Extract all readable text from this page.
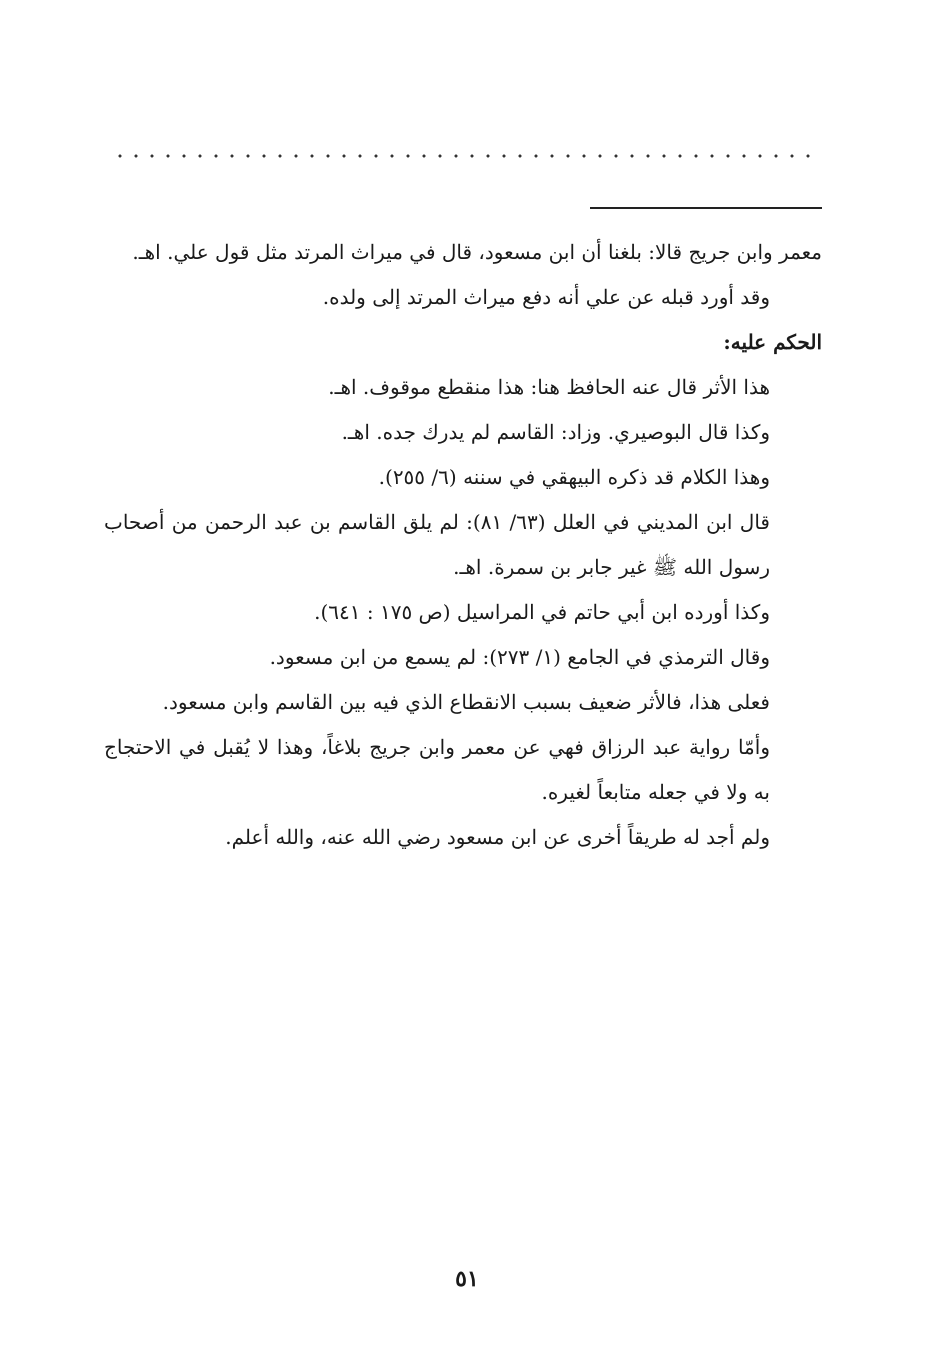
معمر وابن جريج قالا: بلغنا أن ابن مسعود، قال في ميراث المرتد مثل قول علي. اهـ.

وقد أورد قبله عن علي أنه دفع ميراث المرتد إلى ولده.

الحكم عليه:

هذا الأثر قال عنه الحافظ هنا: هذا منقطع موقوف. اهـ.

وكذا قال البوصيري. وزاد: القاسم لم يدرك جده. اهـ.

وهذا الكلام قد ذكره البيهقي في سننه (٦/ ٢٥٥).

قال ابن المديني في العلل (٦٣/ ٨١): لم يلق القاسم بن عبد الرحمن من أصحاب رسول الله ﷺ غير جابر بن سمرة. اهـ.

وكذا أورده ابن أبي حاتم في المراسيل (ص ١٧٥ : ٦٤١).

وقال الترمذي في الجامع (١/ ٢٧٣): لم يسمع من ابن مسعود.

فعلى هذا، فالأثر ضعيف بسبب الانقطاع الذي فيه بين القاسم وابن مسعود.

وأمّا رواية عبد الرزاق فهي عن معمر وابن جريج بلاغاً، وهذا لا يُقبل في الاحتجاج به ولا في جعله متابعاً لغيره.

ولم أجد له طريقاً أخرى عن ابن مسعود رضي الله عنه، والله أعلم.

٥١
